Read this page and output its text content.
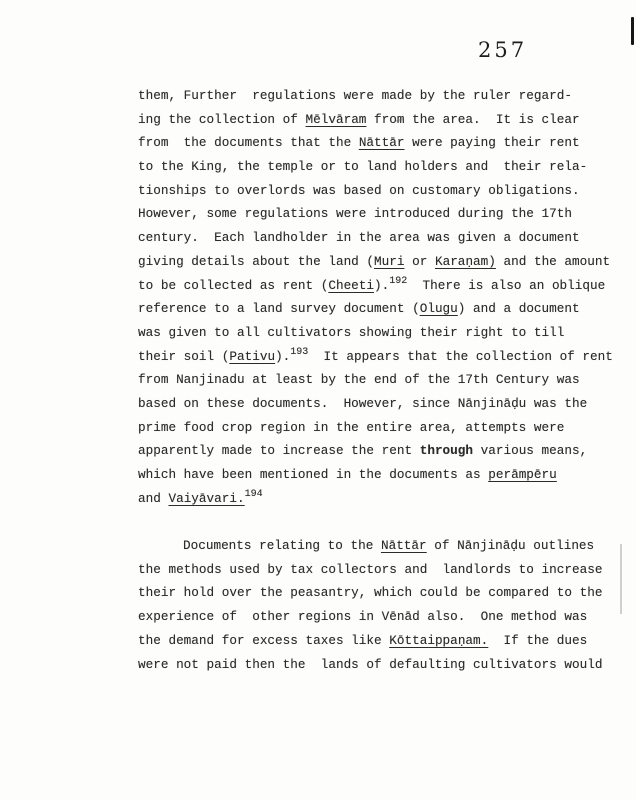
257
them, Further  regulations were made by the ruler regard-
ing the collection of Mēlvāram from the area.  It is clear
from  the documents that the Nāttār were paying their rent
to the King, the temple or to land holders and  their rela-
tionships to overlords was based on customary obligations.
However, some regulations were introduced during the 17th
century.  Each landholder in the area was given a document
giving details about the land (Muri or Karaṇam) and the amount
to be collected as rent (Cheeti).$^{192}$  There is also an oblique
reference to a land survey document (Olugu) and a document
was given to all cultivators showing their right to till
their soil (Pativu).$^{193}$  It appears that the collection of rent
from Nanjinadu at least by the end of the 17th Century was
based on these documents.  However, since Nānjināḍu was the
prime food crop region in the entire area, attempts were
apparently made to increase the rent through various means,
which have been mentioned in the documents as perāmpēru
and Vaiyāvari.$^{194}$
Documents relating to the Nāttār of Nānjināḍu outlines
the methods used by tax collectors and  landlords to increase
their hold over the peasantry, which could be compared to the
experience of  other regions in Vēnād also.  One method was
the demand for excess taxes like Kōttaippaṇam.  If the dues
were not paid then the  lands of defaulting cultivators would
